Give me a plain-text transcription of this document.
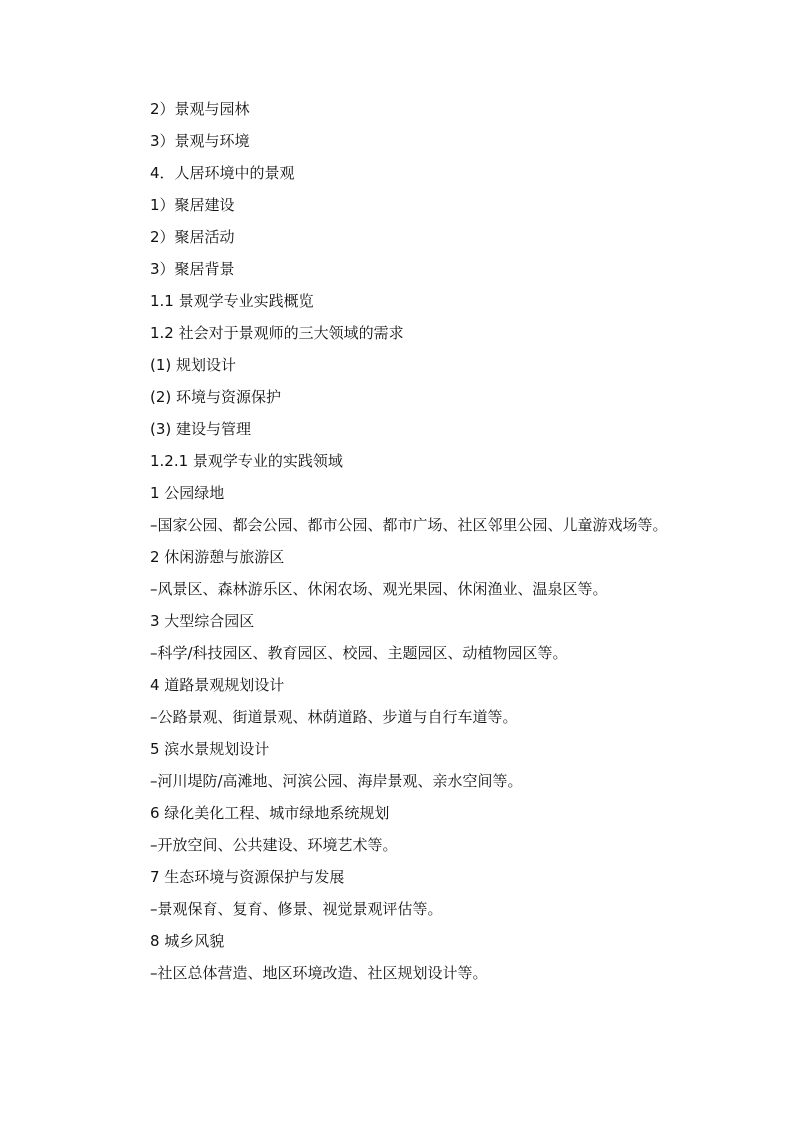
2）景观与园林

3）景观与环境

4．人居环境中的景观

1）聚居建设

2）聚居活动

3）聚居背景

1.1 景观学专业实践概览

1.2 社会对于景观师的三大领域的需求

(1) 规划设计

(2) 环境与资源保护

(3) 建设与管理

1.2.1 景观学专业的实践领域

1 公园绿地

–国家公园、都会公园、都市公园、都市广场、社区邻里公园、儿童游戏场等。

2 休闲游憩与旅游区

–风景区、森林游乐区、休闲农场、观光果园、休闲渔业、温泉区等。

3 大型综合园区

–科学/科技园区、教育园区、校园、主题园区、动植物园区等。

4 道路景观规划设计

–公路景观、街道景观、林荫道路、步道与自行车道等。

5 滨水景规划设计

–河川堤防/高滩地、河滨公园、海岸景观、亲水空间等。

6 绿化美化工程、城市绿地系统规划

–开放空间、公共建设、环境艺术等。

7 生态环境与资源保护与发展

–景观保育、复育、修景、视觉景观评估等。

8 城乡风貌

–社区总体营造、地区环境改造、社区规划设计等。
